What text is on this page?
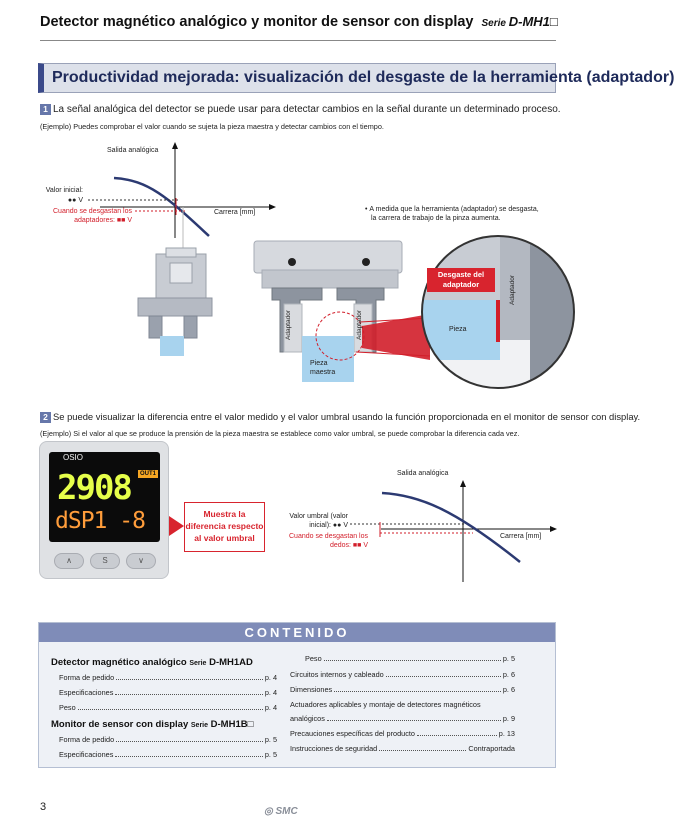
Detector magnético analógico y monitor de sensor con display Serie D-MH1□
Productividad mejorada: visualización del desgaste de la herramienta (adaptador)
1 La señal analógica del detector se puede usar para detectar cambios en la señal durante un determinado proceso.
(Ejemplo) Puedes comprobar el valor cuando se sujeta la pieza maestra y detectar cambios con el tiempo.
Salida analógica
Carrera [mm]
Valor inicial:
●● V
Cuando se desgastan los
adaptadores: ■■ V
• A medida que la herramienta (adaptador) se desgasta,
la carrera de trabajo de la pinza aumenta.
Adaptador	Adaptador
Adaptador
Pieza
maestra
Pieza
Desgaste del
adaptador
2 Se puede visualizar la diferencia entre el valor medido y el valor umbral usando la función proporcionada en el monitor de sensor con display.
(Ejemplo) Si el valor al que se produce la prensión de la pieza maestra se establece como valor umbral, se puede comprobar la diferencia cada vez.
OSIO
2908	OUT1
dSP1 -8
∧	S	∨
Muestra la
diferencia respecto
al valor umbral
Salida analógica
Carrera [mm]
Valor umbral (valor
inicial): ●● V
Cuando se desgastan los
dedos: ■■ V
CONTENIDO
Detector magnético analógico Serie D-MH1AD
Forma de pedido	p. 4
Especificaciones	p. 4
Peso	p. 4
Monitor de sensor con display Serie D-MH1B□
Forma de pedido	p. 5
Especificaciones	p. 5
Peso	p. 5
Circuitos internos y cableado	p. 6
Dimensiones	p. 6
Actuadores aplicables y montaje de detectores magnéticos
analógicos	p. 9
Precauciones específicas del producto	p. 13
Instrucciones de seguridad	Contraportada
3	◎ SMC
